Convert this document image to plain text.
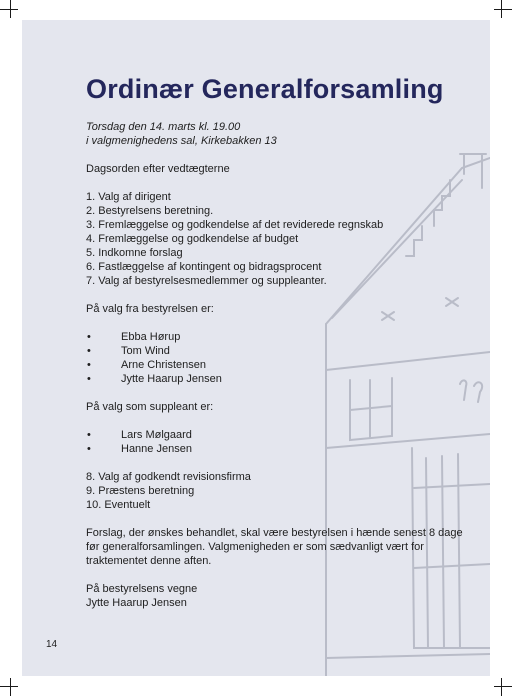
Ordinær Generalforsamling
Torsdag den 14. marts kl. 19.00
i valgmenighedens sal, Kirkebakken 13
Dagsorden efter vedtægterne
1. Valg af dirigent
2. Bestyrelsens beretning.
3. Fremlæggelse og godkendelse af det reviderede regnskab
4. Fremlæggelse og godkendelse af budget
5. Indkomne forslag
6. Fastlæggelse af kontingent og bidragsprocent
7. Valg af bestyrelsesmedlemmer og suppleanter.
På valg fra bestyrelsen er:
•	Ebba Hørup
•	Tom Wind
•	Arne Christensen
•	Jytte Haarup Jensen
På valg som suppleant er:
•	Lars Mølgaard
•	Hanne Jensen
8. Valg af godkendt revisionsfirma
9. Præstens beretning
10. Eventuelt
Forslag, der ønskes behandlet, skal være bestyrelsen i hænde senest 8 dage
før generalforsamlingen. Valgmenigheden er som sædvanligt vært for
traktementet denne aften.
På bestyrelsens vegne
Jytte Haarup Jensen
14
